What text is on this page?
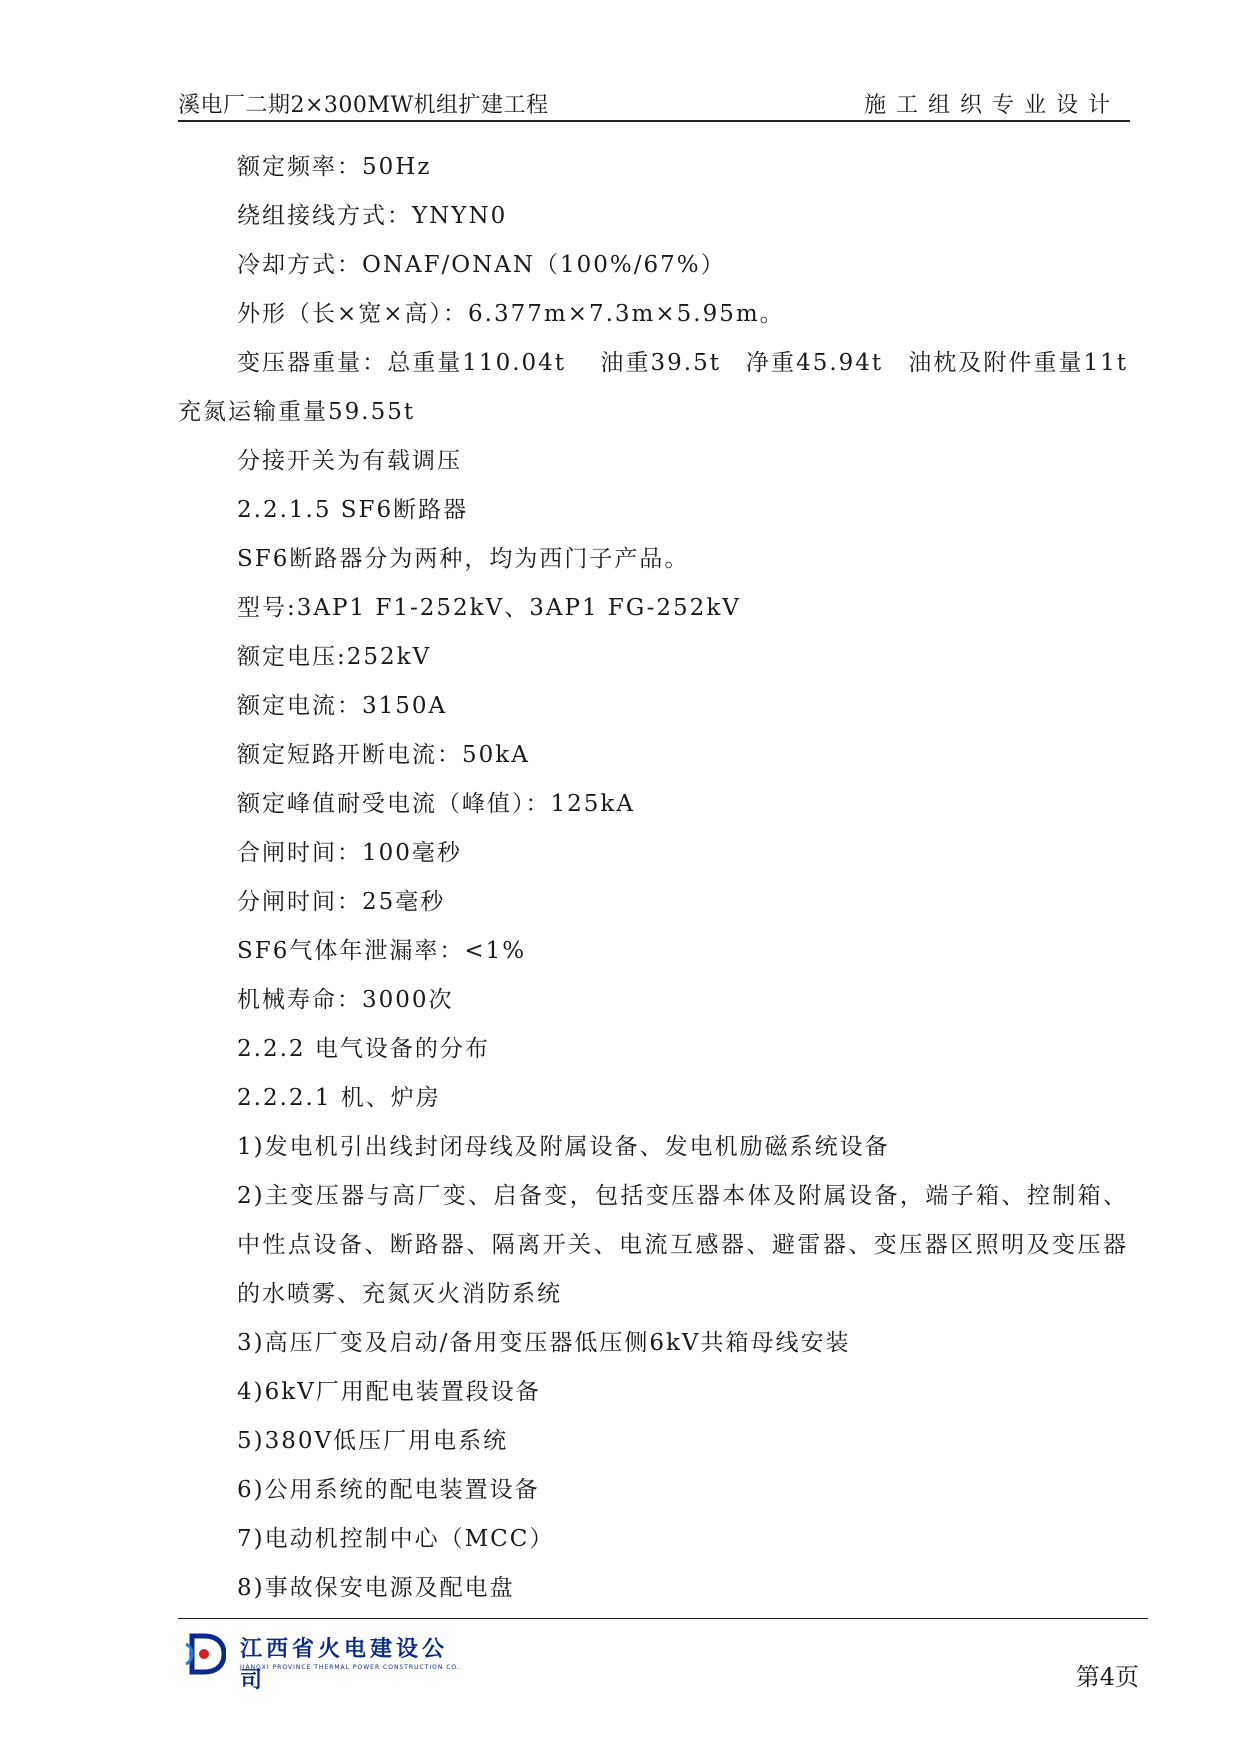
溪电厂二期2×300MW机组扩建工程	施工组织专业设计
额定频率：50Hz
绕组接线方式：YNYN0
冷却方式：ONAF/ONAN（100%/67%）
外形（长×宽×高）：6.377m×7.3m×5.95m。
变压器重量：总重量110.04t　 油重39.5t　净重45.94t　油枕及附件重量11t　充氮运输重量59.55t
分接开关为有载调压
2.2.1.5 SF6断路器
SF6断路器分为两种，均为西门子产品。
型号:3AP1 F1-252kV、3AP1 FG-252kV
额定电压:252kV
额定电流：3150A
额定短路开断电流：50kA
额定峰值耐受电流（峰值）：125kA
合闸时间：100毫秒
分闸时间：25毫秒
SF6气体年泄漏率：<1%
机械寿命：3000次
2.2.2 电气设备的分布
2.2.2.1 机、炉房
1)发电机引出线封闭母线及附属设备、发电机励磁系统设备
2)主变压器与高厂变、启备变，包括变压器本体及附属设备，端子箱、控制箱、中性点设备、断路器、隔离开关、电流互感器、避雷器、变压器区照明及变压器的水喷雾、充氮灭火消防系统
3)高压厂变及启动/备用变压器低压侧6kV共箱母线安装
4)6kV厂用配电装置段设备
5)380V低压厂用电系统
6)公用系统的配电装置设备
7)电动机控制中心（MCC）
8)事故保安电源及配电盘
江西省火电建设公司
JIANGXI PROVINCE THERMAL POWER CONSTRUCTION CO.	第4页
